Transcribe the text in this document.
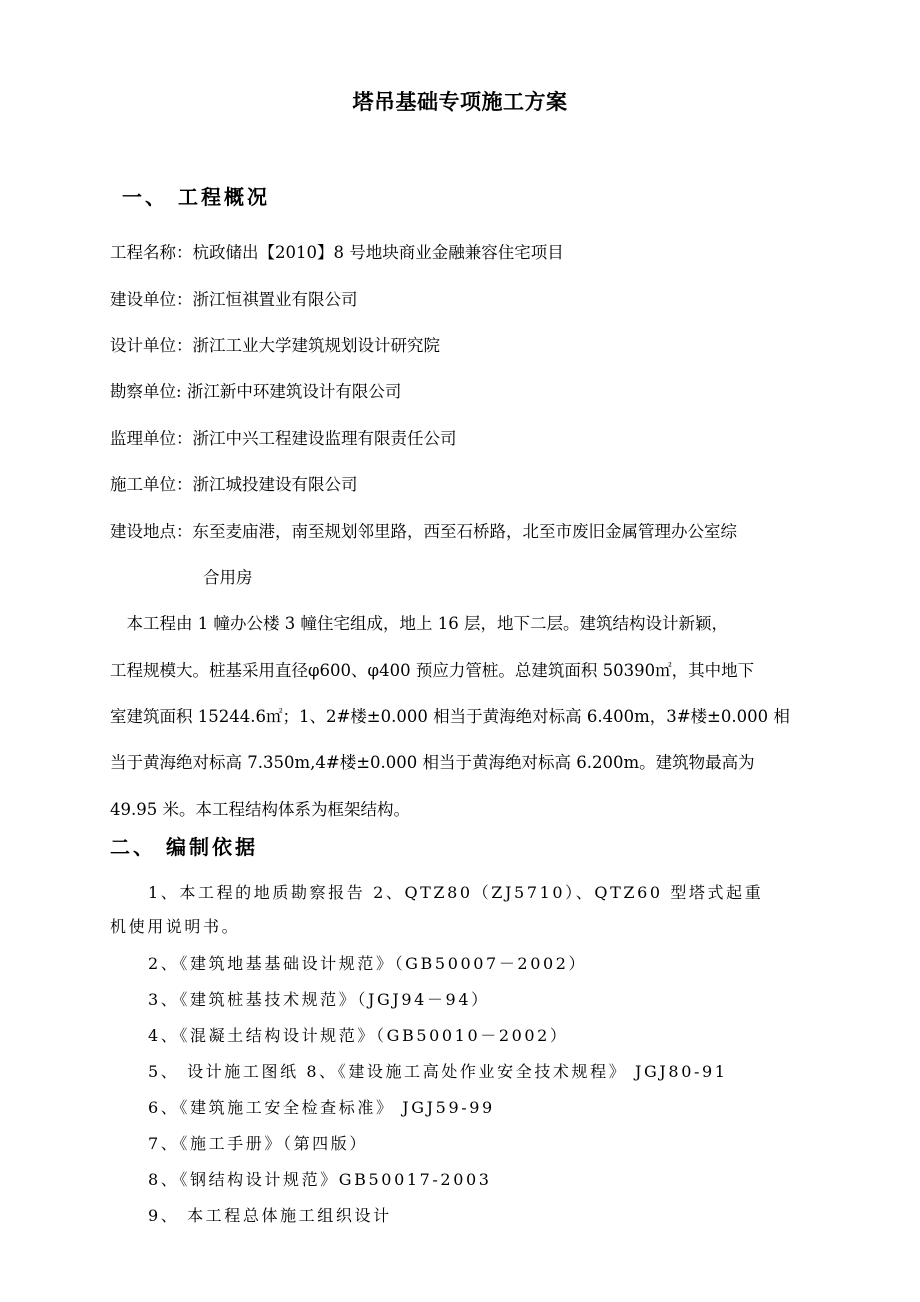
塔吊基础专项施工方案
一、 工程概况
工程名称：杭政储出【2010】8 号地块商业金融兼容住宅项目
建设单位：浙江恒祺置业有限公司
设计单位：浙江工业大学建筑规划设计研究院
勘察单位: 浙江新中环建筑设计有限公司
监理单位：浙江中兴工程建设监理有限责任公司
施工单位：浙江城投建设有限公司
建设地点：东至麦庙港，南至规划邻里路，西至石桥路，北至市废旧金属管理办公室综
合用房
　本工程由 1 幢办公楼 3 幢住宅组成，地上 16 层，地下二层。建筑结构设计新颖，
工程规模大。桩基采用直径φ600、φ400 预应力管桩。总建筑面积 50390㎡，其中地下
室建筑面积 15244.6㎡；1、2#楼±0.000 相当于黄海绝对标高 6.400m，3#楼±0.000 相
当于黄海绝对标高 7.350m,4#楼±0.000 相当于黄海绝对标高 6.200m。建筑物最高为
49.95 米。本工程结构体系为框架结构。
二、 编制依据
1、本工程的地质勘察报告 2、QTZ80（ZJ5710）、QTZ60 型塔式起重
机使用说明书。
2、《建筑地基基础设计规范》（GB50007－2002）
3、《建筑桩基技术规范》（JGJ94－94）
4、《混凝土结构设计规范》（GB50010－2002）
5、 设计施工图纸 8、《建设施工高处作业安全技术规程》 JGJ80-91
6、《建筑施工安全检查标准》 JGJ59-99
7、《施工手册》（第四版）
8、《钢结构设计规范》GB50017-2003
9、 本工程总体施工组织设计
